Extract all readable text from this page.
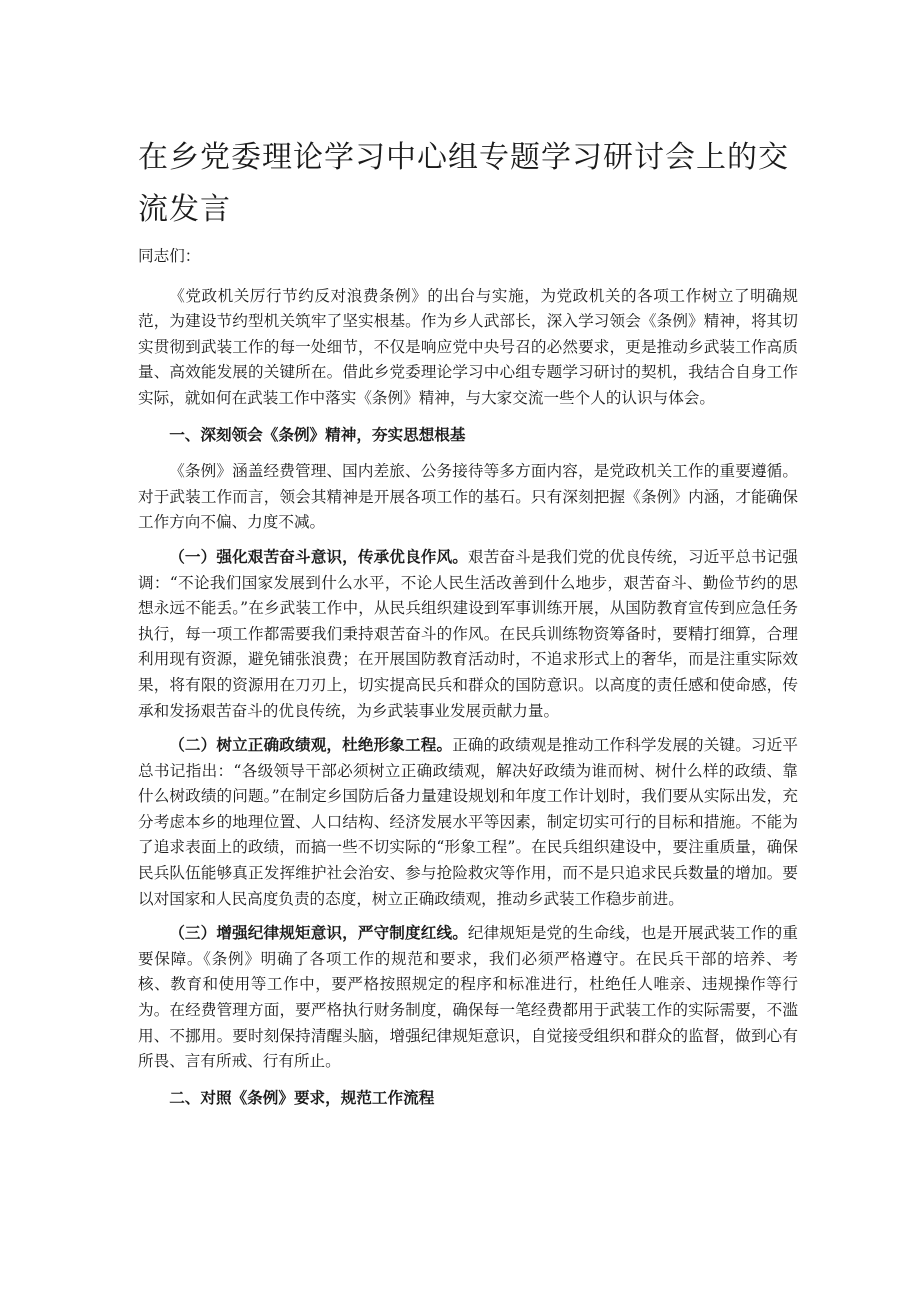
在乡党委理论学习中心组专题学习研讨会上的交流发言

同志们：

《党政机关厉行节约反对浪费条例》的出台与实施，为党政机关的各项工作树立了明确规范，为建设节约型机关筑牢了坚实根基。作为乡人武部长，深入学习领会《条例》精神，将其切实贯彻到武装工作的每一处细节，不仅是响应党中央号召的必然要求，更是推动乡武装工作高质量、高效能发展的关键所在。借此乡党委理论学习中心组专题学习研讨的契机，我结合自身工作实际，就如何在武装工作中落实《条例》精神，与大家交流一些个人的认识与体会。

一、深刻领会《条例》精神，夯实思想根基

《条例》涵盖经费管理、国内差旅、公务接待等多方面内容，是党政机关工作的重要遵循。对于武装工作而言，领会其精神是开展各项工作的基石。只有深刻把握《条例》内涵，才能确保工作方向不偏、力度不减。

（一）强化艰苦奋斗意识，传承优良作风。艰苦奋斗是我们党的优良传统，习近平总书记强调：“不论我们国家发展到什么水平，不论人民生活改善到什么地步，艰苦奋斗、勤俭节约的思想永远不能丢。”在乡武装工作中，从民兵组织建设到军事训练开展，从国防教育宣传到应急任务执行，每一项工作都需要我们秉持艰苦奋斗的作风。在民兵训练物资筹备时，要精打细算，合理利用现有资源，避免铺张浪费；在开展国防教育活动时，不追求形式上的奢华，而是注重实际效果，将有限的资源用在刀刃上，切实提高民兵和群众的国防意识。以高度的责任感和使命感，传承和发扬艰苦奋斗的优良传统，为乡武装事业发展贡献力量。

（二）树立正确政绩观，杜绝形象工程。正确的政绩观是推动工作科学发展的关键。习近平总书记指出：“各级领导干部必须树立正确政绩观，解决好政绩为谁而树、树什么样的政绩、靠什么树政绩的问题。”在制定乡国防后备力量建设规划和年度工作计划时，我们要从实际出发，充分考虑本乡的地理位置、人口结构、经济发展水平等因素，制定切实可行的目标和措施。不能为了追求表面上的政绩，而搞一些不切实际的“形象工程”。在民兵组织建设中，要注重质量，确保民兵队伍能够真正发挥维护社会治安、参与抢险救灾等作用，而不是只追求民兵数量的增加。要以对国家和人民高度负责的态度，树立正确政绩观，推动乡武装工作稳步前进。

（三）增强纪律规矩意识，严守制度红线。纪律规矩是党的生命线，也是开展武装工作的重要保障。《条例》明确了各项工作的规范和要求，我们必须严格遵守。在民兵干部的培养、考核、教育和使用等工作中，要严格按照规定的程序和标准进行，杜绝任人唯亲、违规操作等行为。在经费管理方面，要严格执行财务制度，确保每一笔经费都用于武装工作的实际需要，不滥用、不挪用。要时刻保持清醒头脑，增强纪律规矩意识，自觉接受组织和群众的监督，做到心有所畏、言有所戒、行有所止。

二、对照《条例》要求，规范工作流程
